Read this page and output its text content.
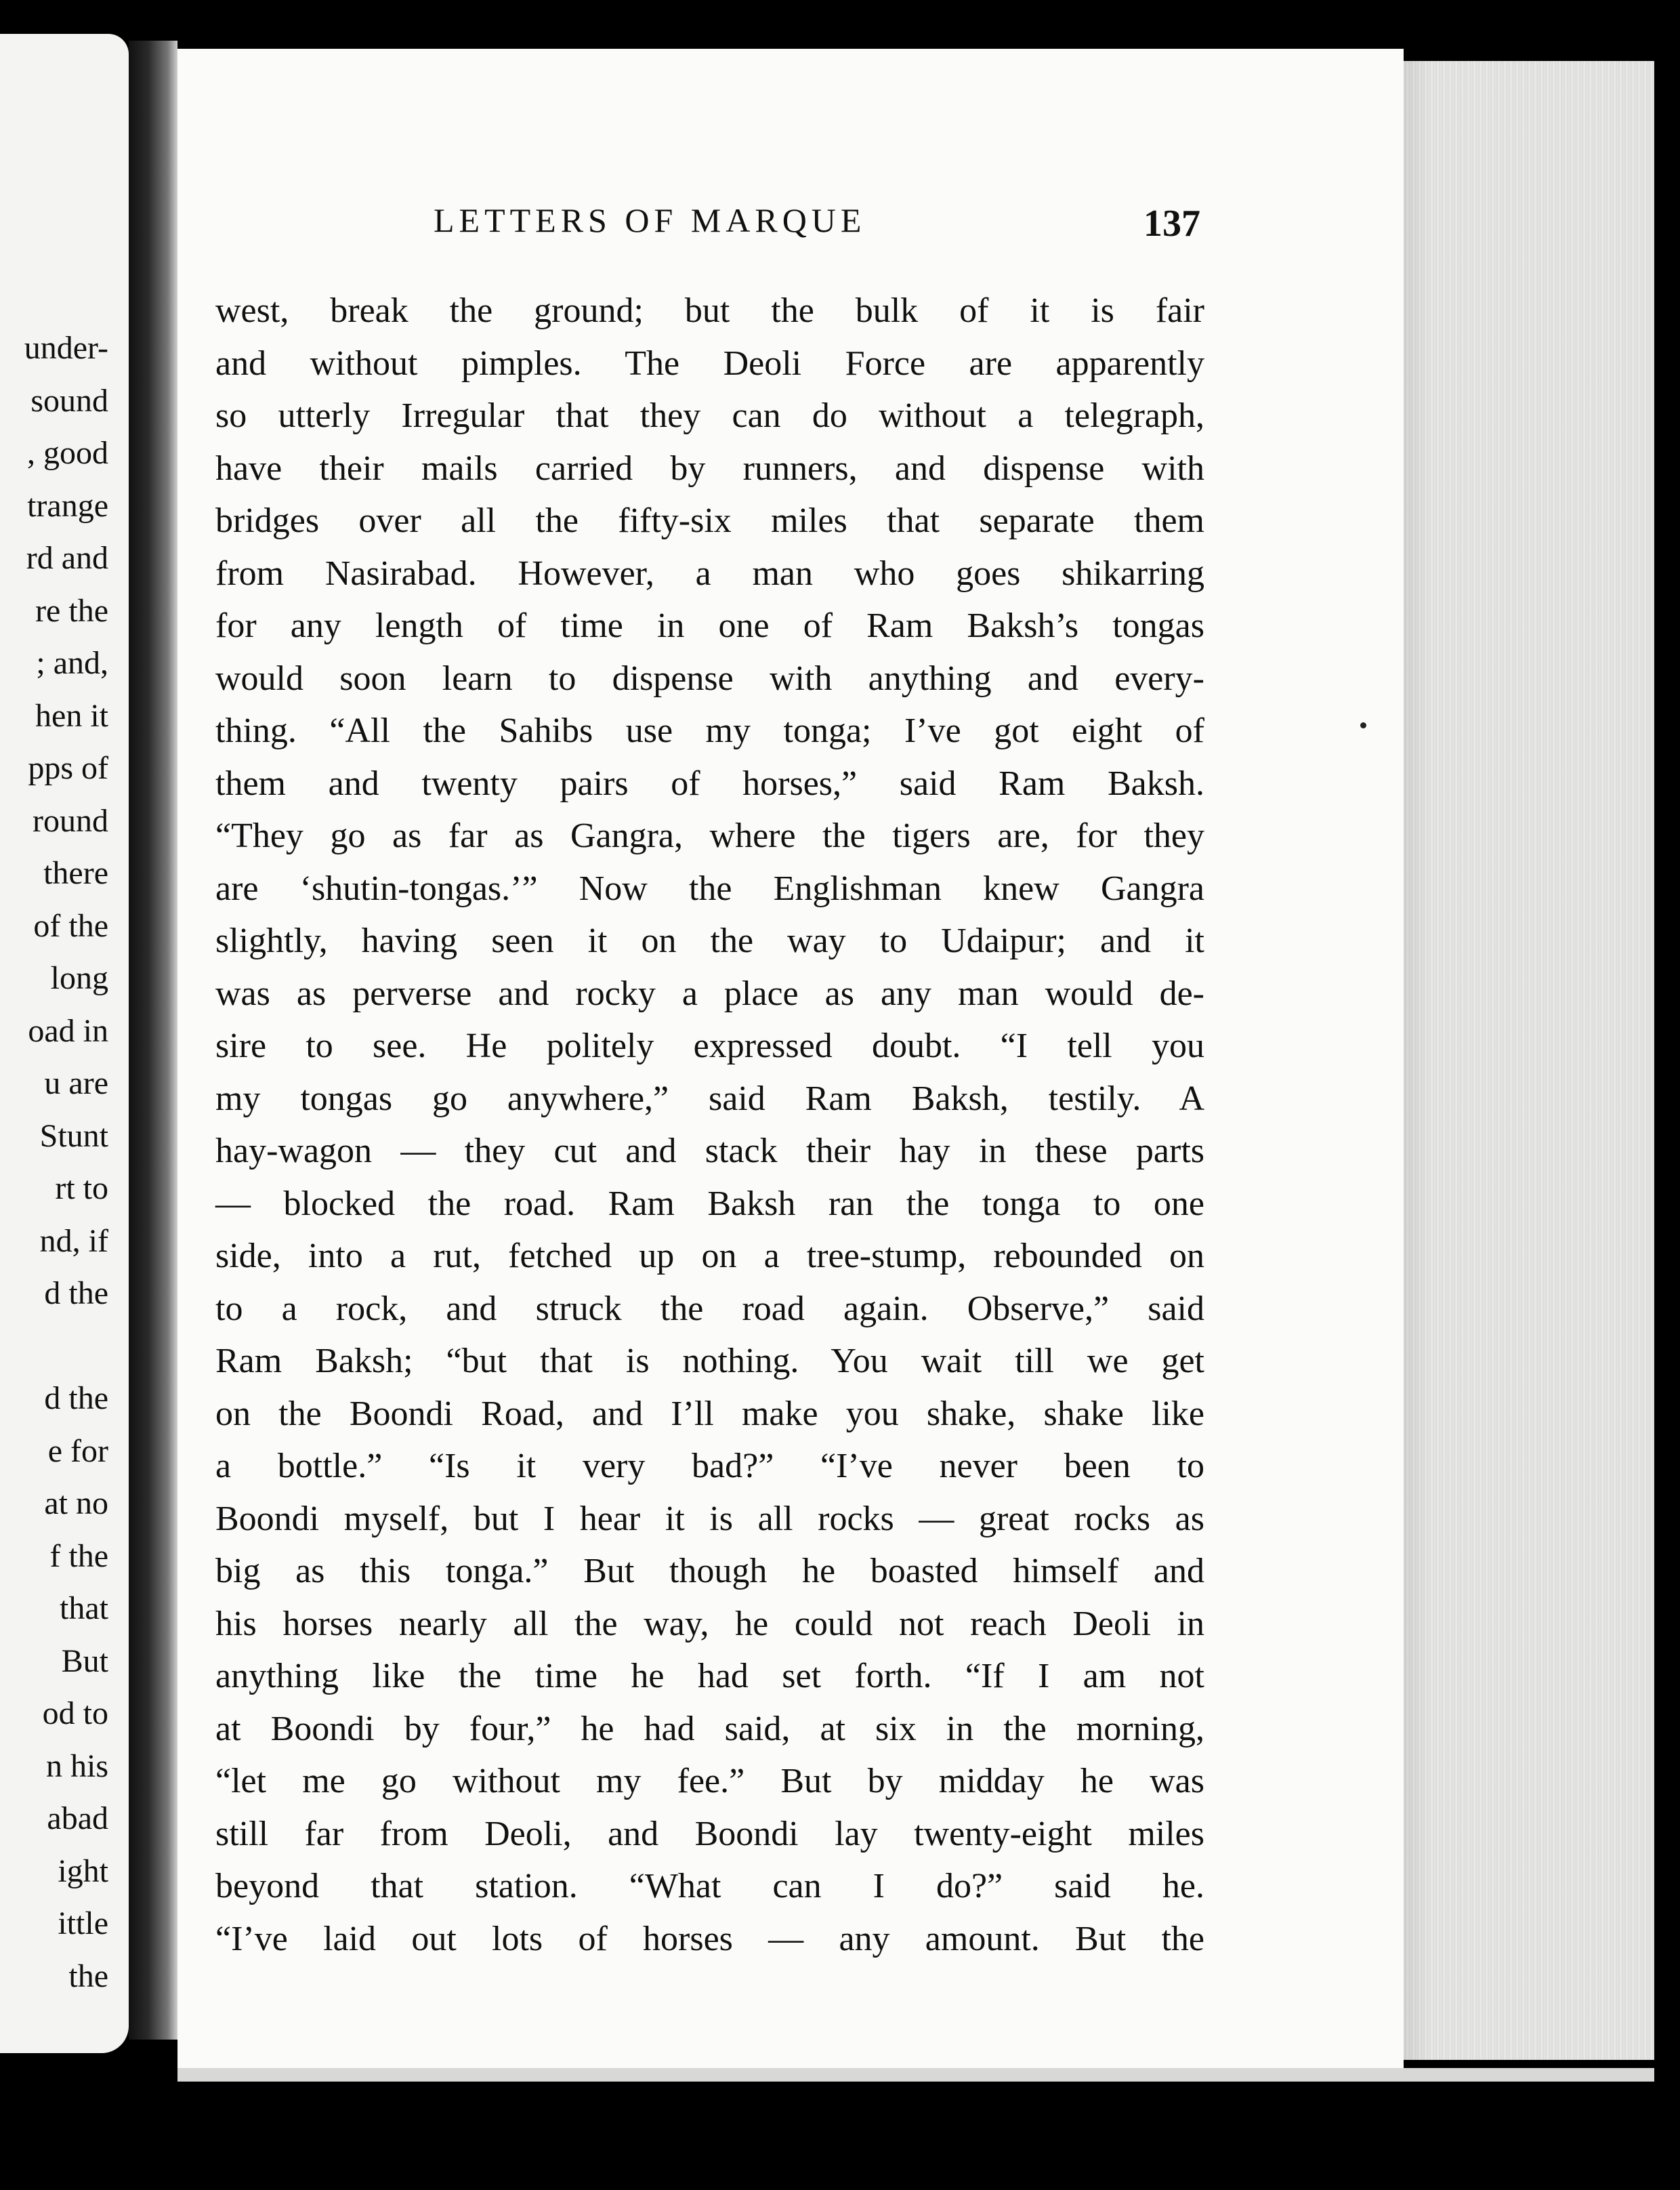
under-
sound
, good
trange
rd and
re the
; and,
hen it
pps of
round
there
of the
long
oad in
u are
Stunt
rt to
nd, if
d the

d the
e for
at no
f the
that
But
od to
n his
abad
ight
ittle
the
LETTERS OF MARQUE	137
west, break the ground; but the bulk of it is fair
and without pimples. The Deoli Force are apparently
so utterly Irregular that they can do without a telegraph,
have their mails carried by runners, and dispense with
bridges over all the fifty-six miles that separate them
from Nasirabad. However, a man who goes shikarring
for any length of time in one of Ram Baksh’s tongas
would soon learn to dispense with anything and every-
thing. “All the Sahibs use my tonga; I’ve got eight of
them and twenty pairs of horses,” said Ram Baksh.
“They go as far as Gangra, where the tigers are, for they
are ‘shutin-tongas.’” Now the Englishman knew Gangra
slightly, having seen it on the way to Udaipur; and it
was as perverse and rocky a place as any man would de-
sire to see. He politely expressed doubt. “I tell you
my tongas go anywhere,” said Ram Baksh, testily. A
hay-wagon — they cut and stack their hay in these parts
— blocked the road. Ram Baksh ran the tonga to one
side, into a rut, fetched up on a tree-stump, rebounded on
to a rock, and struck the road again. Observe,” said
Ram Baksh; “but that is nothing. You wait till we get
on the Boondi Road, and I’ll make you shake, shake like
a bottle.” “Is it very bad?” “I’ve never been to
Boondi myself, but I hear it is all rocks — great rocks as
big as this tonga.” But though he boasted himself and
his horses nearly all the way, he could not reach Deoli in
anything like the time he had set forth. “If I am not
at Boondi by four,” he had said, at six in the morning,
“let me go without my fee.” But by midday he was
still far from Deoli, and Boondi lay twenty-eight miles
beyond that station. “What can I do?” said he.
“I’ve laid out lots of horses — any amount. But the
